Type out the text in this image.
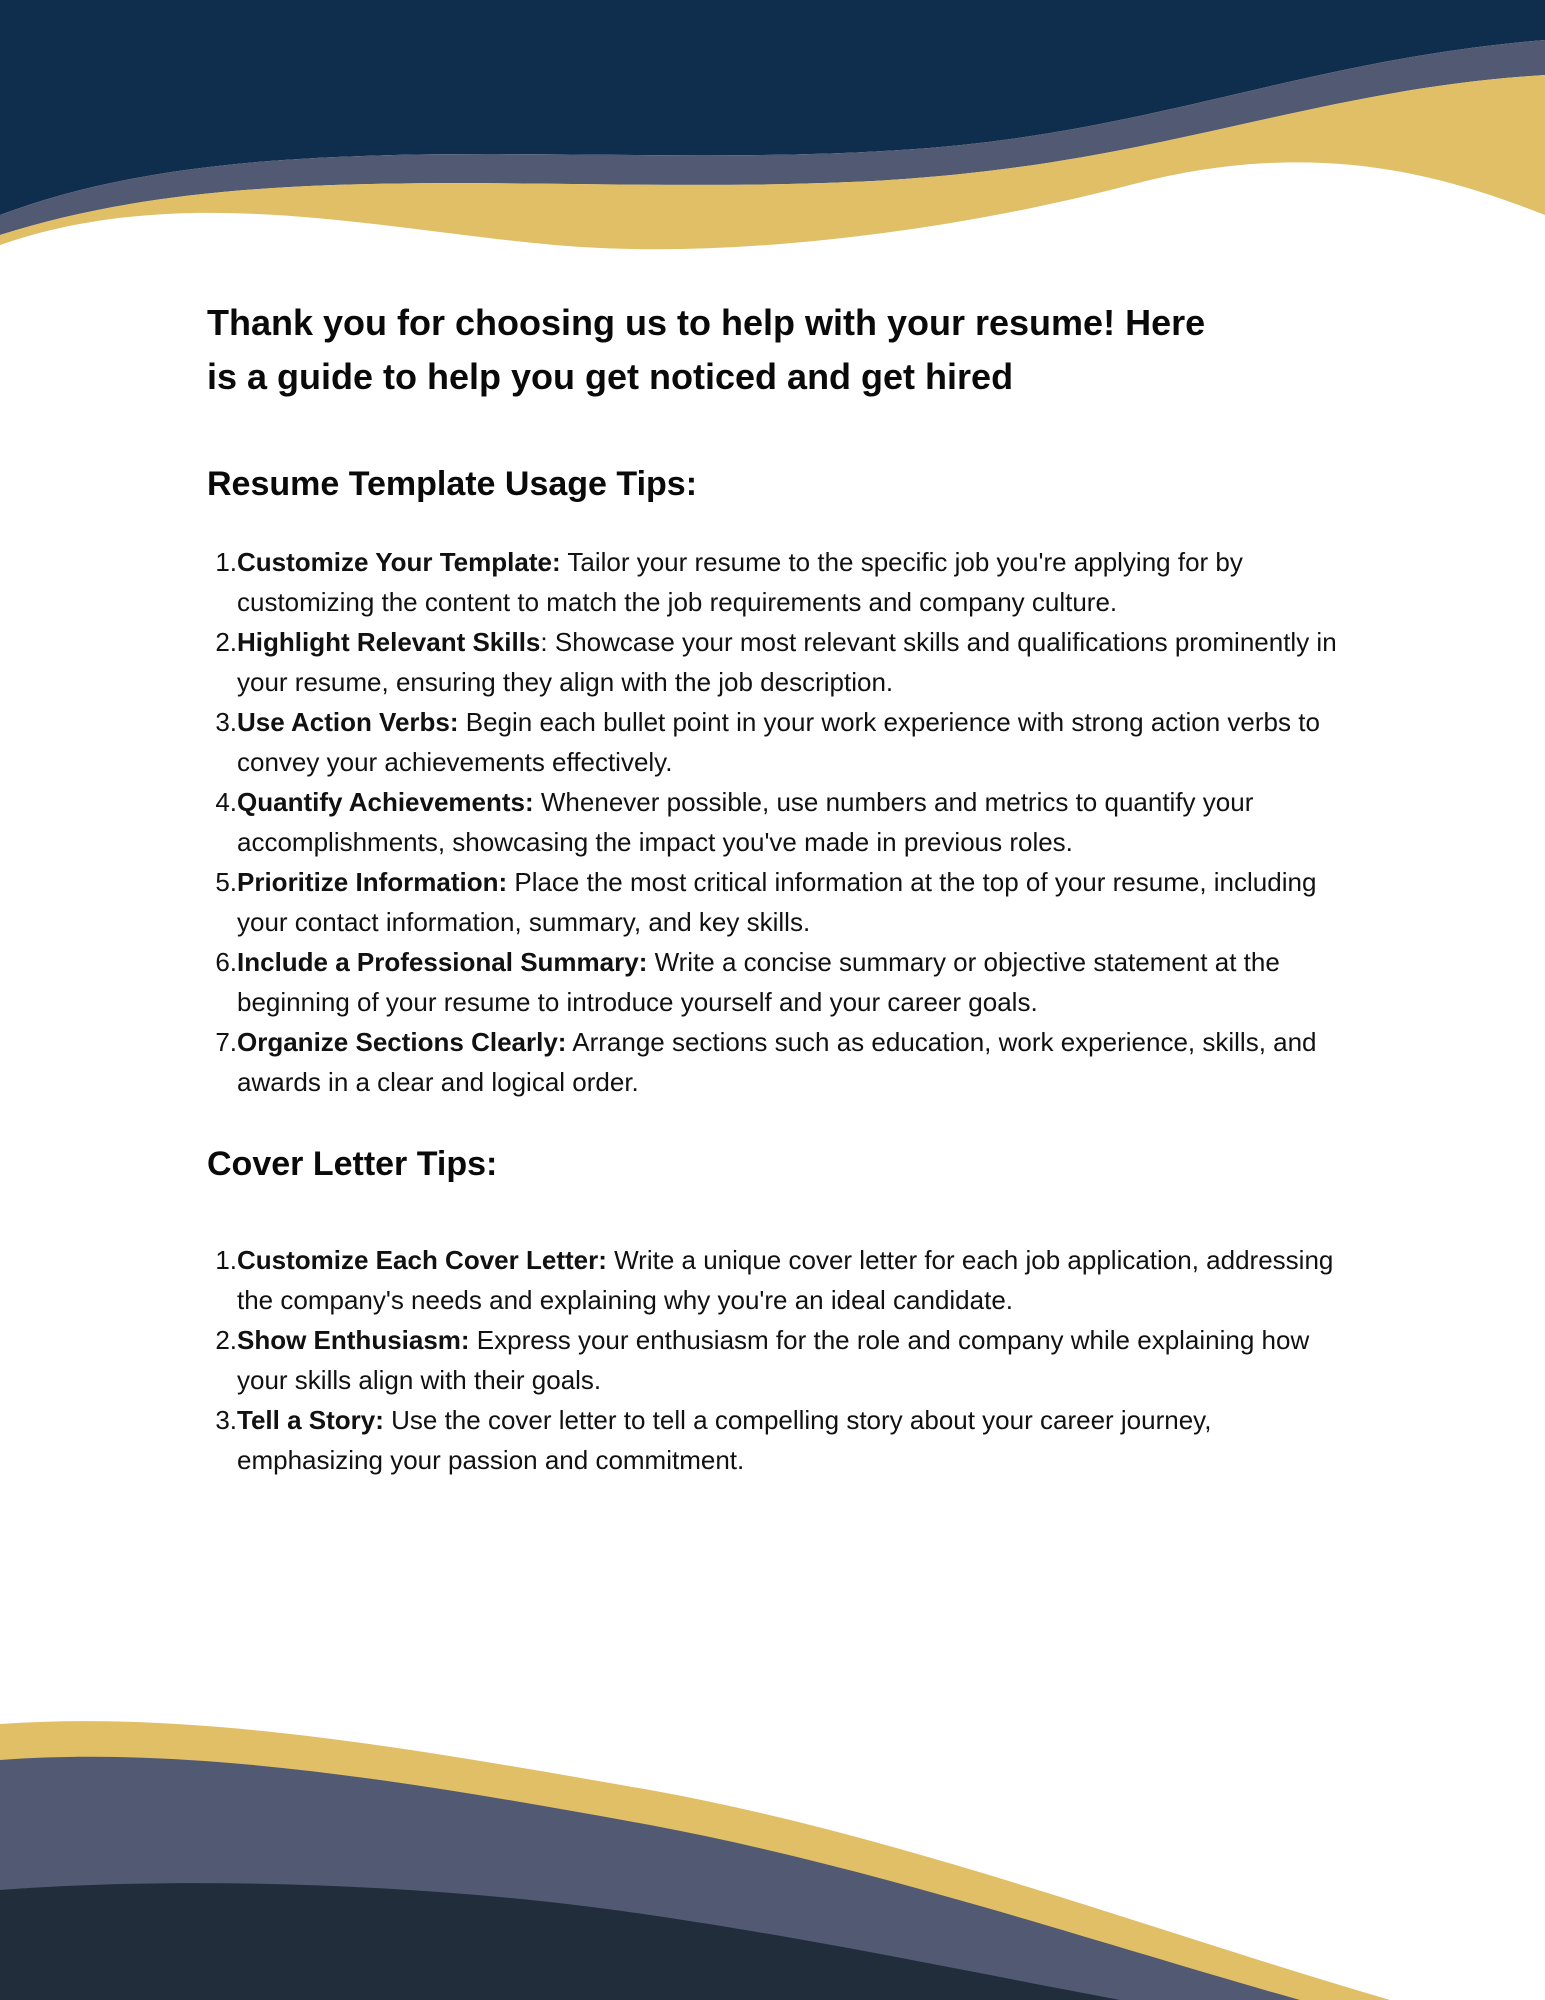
Thank you for choosing us to help with your resume! Here
is a guide to help you get noticed and get hired
Resume Template Usage Tips:
1. Customize Your Template: Tailor your resume to the specific job you're applying for by customizing the content to match the job requirements and company culture.
2. Highlight Relevant Skills: Showcase your most relevant skills and qualifications prominently in your resume, ensuring they align with the job description.
3. Use Action Verbs: Begin each bullet point in your work experience with strong action verbs to convey your achievements effectively.
4. Quantify Achievements: Whenever possible, use numbers and metrics to quantify your accomplishments, showcasing the impact you've made in previous roles.
5. Prioritize Information: Place the most critical information at the top of your resume, including your contact information, summary, and key skills.
6. Include a Professional Summary: Write a concise summary or objective statement at the beginning of your resume to introduce yourself and your career goals.
7. Organize Sections Clearly: Arrange sections such as education, work experience, skills, and awards in a clear and logical order.
Cover Letter Tips:
1. Customize Each Cover Letter: Write a unique cover letter for each job application, addressing the company's needs and explaining why you're an ideal candidate.
2. Show Enthusiasm: Express your enthusiasm for the role and company while explaining how your skills align with their goals.
3. Tell a Story: Use the cover letter to tell a compelling story about your career journey, emphasizing your passion and commitment.
